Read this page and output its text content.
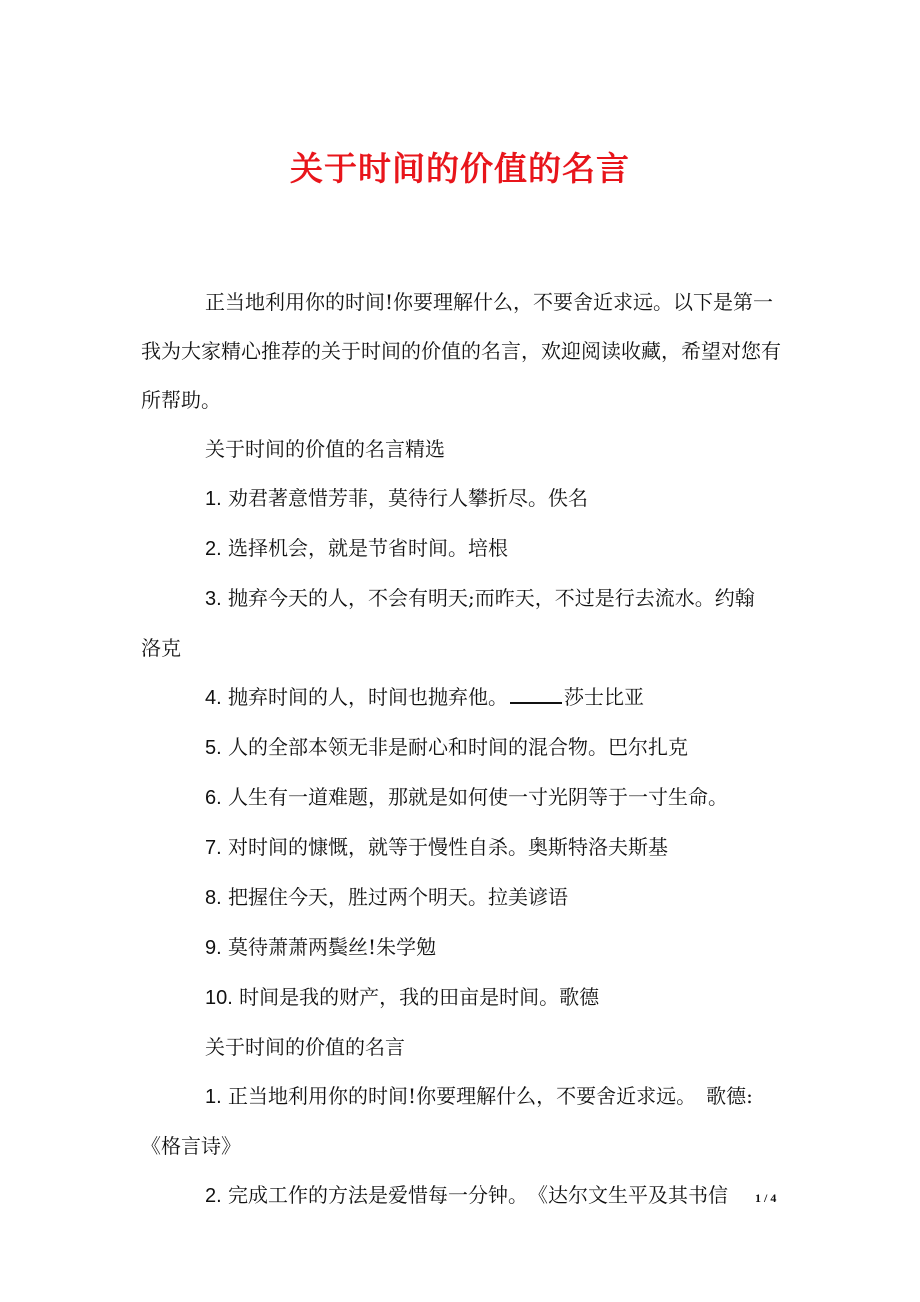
关于时间的价值的名言

正当地利用你的时间!你要理解什么，不要舍近求远。以下是第一我为大家精心推荐的关于时间的价值的名言，欢迎阅读收藏，希望对您有所帮助。

关于时间的价值的名言精选

1. 劝君著意惜芳菲，莫待行人攀折尽。佚名

2. 选择机会，就是节省时间。培根

3. 抛弃今天的人，不会有明天;而昨天，不过是行去流水。约翰 洛克

4. 抛弃时间的人，时间也抛弃他。	莎士比亚

5. 人的全部本领无非是耐心和时间的混合物。巴尔扎克

6. 人生有一道难题，那就是如何使一寸光阴等于一寸生命。

7. 对时间的慷慨，就等于慢性自杀。奥斯特洛夫斯基

8. 把握住今天，胜过两个明天。拉美谚语

9. 莫待萧萧两鬓丝!朱学勉

10. 时间是我的财产，我的田亩是时间。歌德

关于时间的价值的名言

1. 正当地利用你的时间!你要理解什么，不要舍近求远。　歌德:《格言诗》

2. 完成工作的方法是爱惜每一分钟。　《达尔文生平及其书信	1 / 4
